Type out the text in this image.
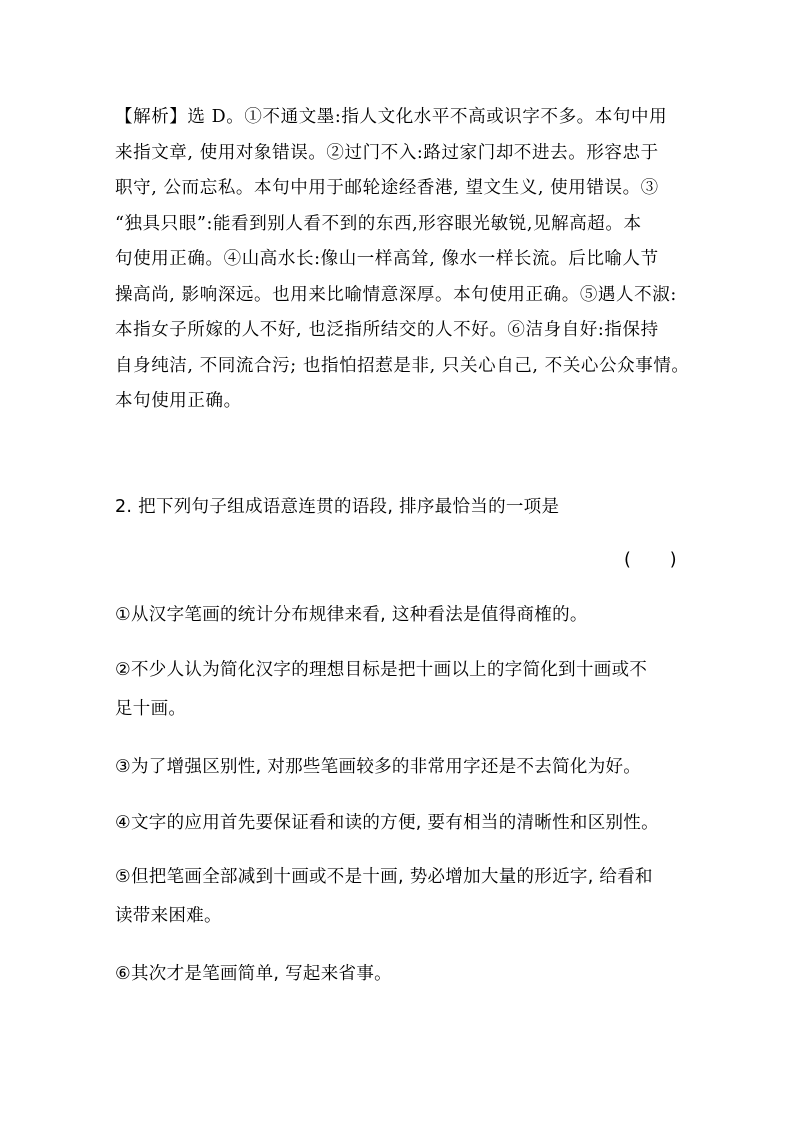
【解析】选 D。①不通文墨:指人文化水平不高或识字不多。本句中用
来指文章, 使用对象错误。②过门不入:路过家门却不进去。形容忠于
职守, 公而忘私。本句中用于邮轮途经香港, 望文生义, 使用错误。③
“独具只眼”:能看到别人看不到的东西,形容眼光敏锐,见解高超。本
句使用正确。④山高水长:像山一样高耸, 像水一样长流。后比喻人节
操高尚, 影响深远。也用来比喻情意深厚。本句使用正确。⑤遇人不淑:
本指女子所嫁的人不好, 也泛指所结交的人不好。⑥洁身自好:指保持
自身纯洁, 不同流合污; 也指怕招惹是非, 只关心自己, 不关心公众事情。
本句使用正确。
2. 把下列句子组成语意连贯的语段, 排序最恰当的一项是
(       )
①从汉字笔画的统计分布规律来看, 这种看法是值得商榷的。
②不少人认为简化汉字的理想目标是把十画以上的字简化到十画或不
足十画。
③为了增强区别性, 对那些笔画较多的非常用字还是不去简化为好。
④文字的应用首先要保证看和读的方便, 要有相当的清晰性和区别性。
⑤但把笔画全部减到十画或不是十画, 势必增加大量的形近字, 给看和
读带来困难。
⑥其次才是笔画简单, 写起来省事。
